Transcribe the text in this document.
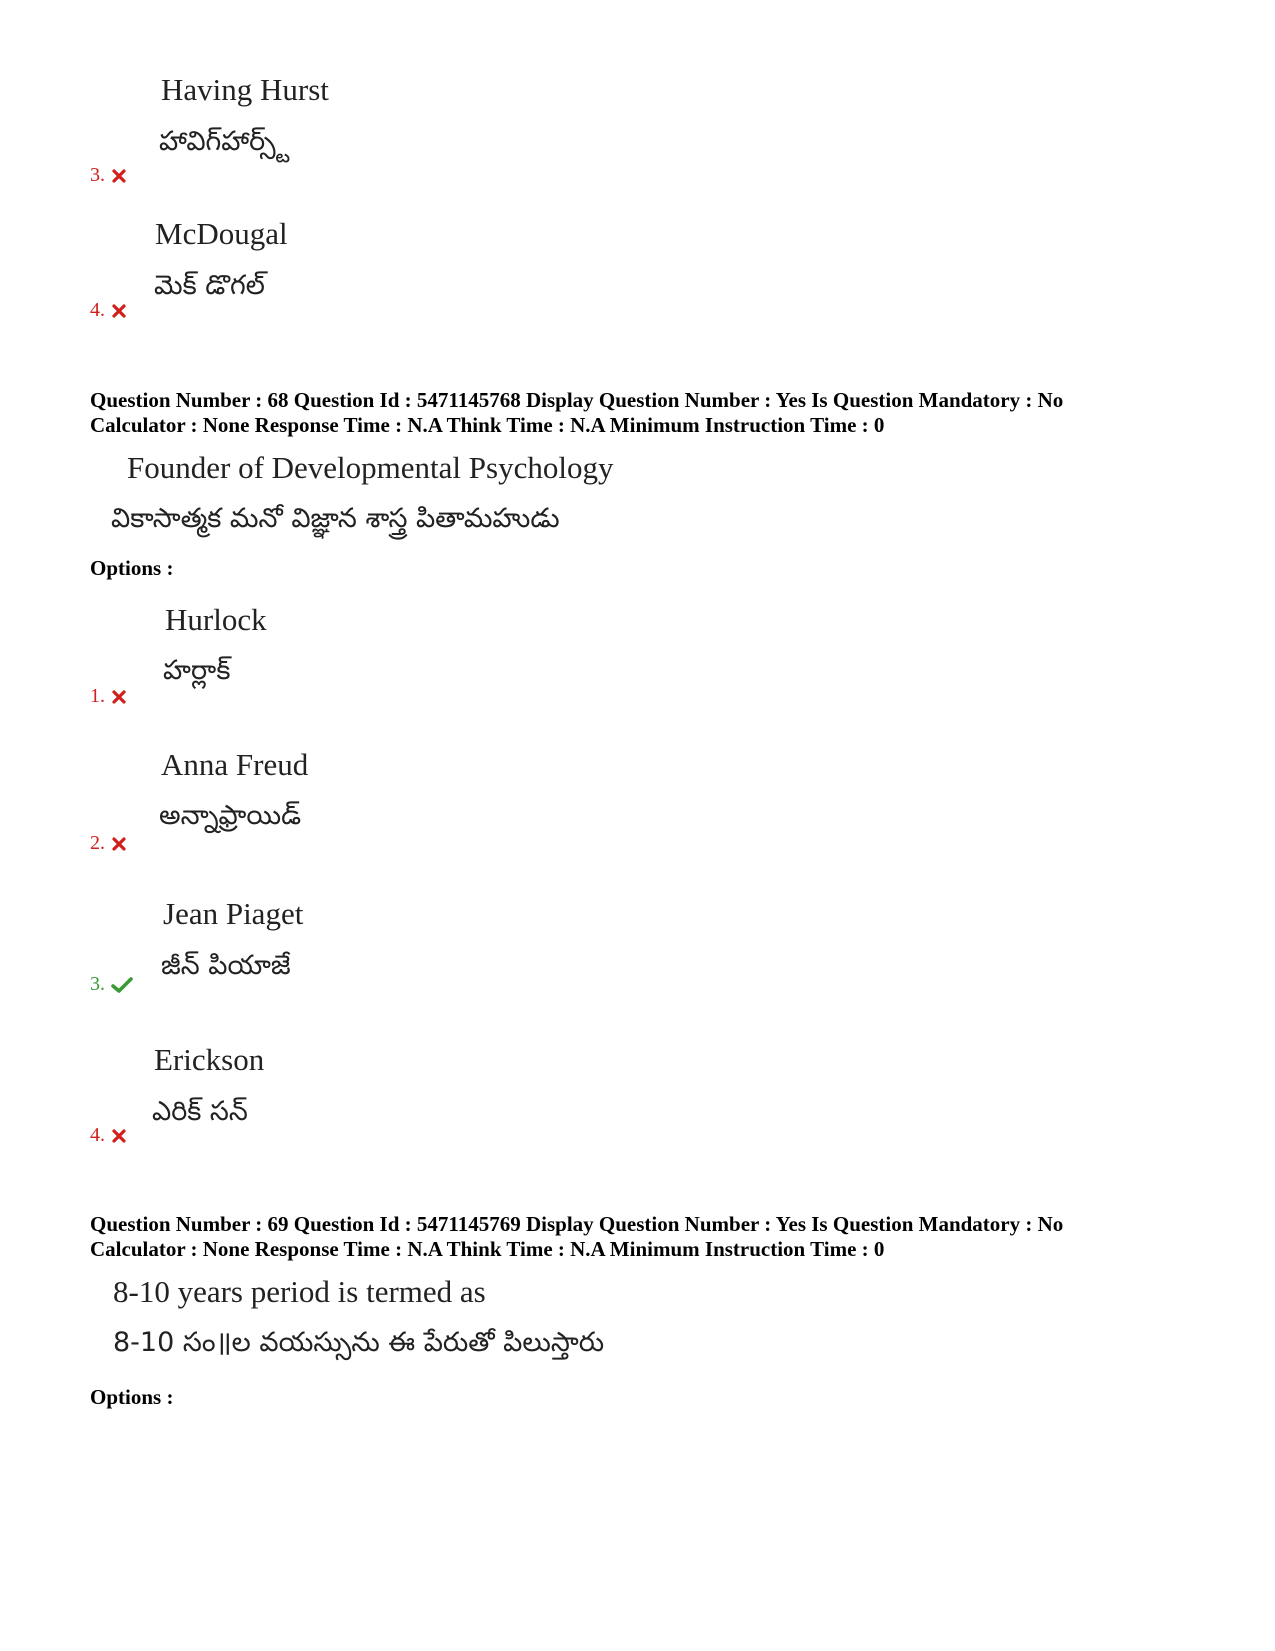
Having Hurst
హావిగ్‌హార్స్ట్
3.
McDougal
మెక్ డొగల్
4.
Question Number : 68 Question Id : 5471145768 Display Question Number : Yes Is Question Mandatory : No
Calculator : None Response Time : N.A Think Time : N.A Minimum Instruction Time : 0
Founder of Developmental Psychology
వికాసాత్మక మనో విజ్ఞాన శాస్త్ర పితామహుడు
Options :
Hurlock
హర్లాక్
1.
Anna Freud
అన్నాఫ్రాయిడ్
2.
Jean Piaget
జీన్ పియాజే
3.
Erickson
ఎరిక్ సన్
4.
Question Number : 69 Question Id : 5471145769 Display Question Number : Yes Is Question Mandatory : No
Calculator : None Response Time : N.A Think Time : N.A Minimum Instruction Time : 0
8-10 years period is termed as
8-10 సం॥ల వయస్సును ఈ పేరుతో పిలుస్తారు
Options :
